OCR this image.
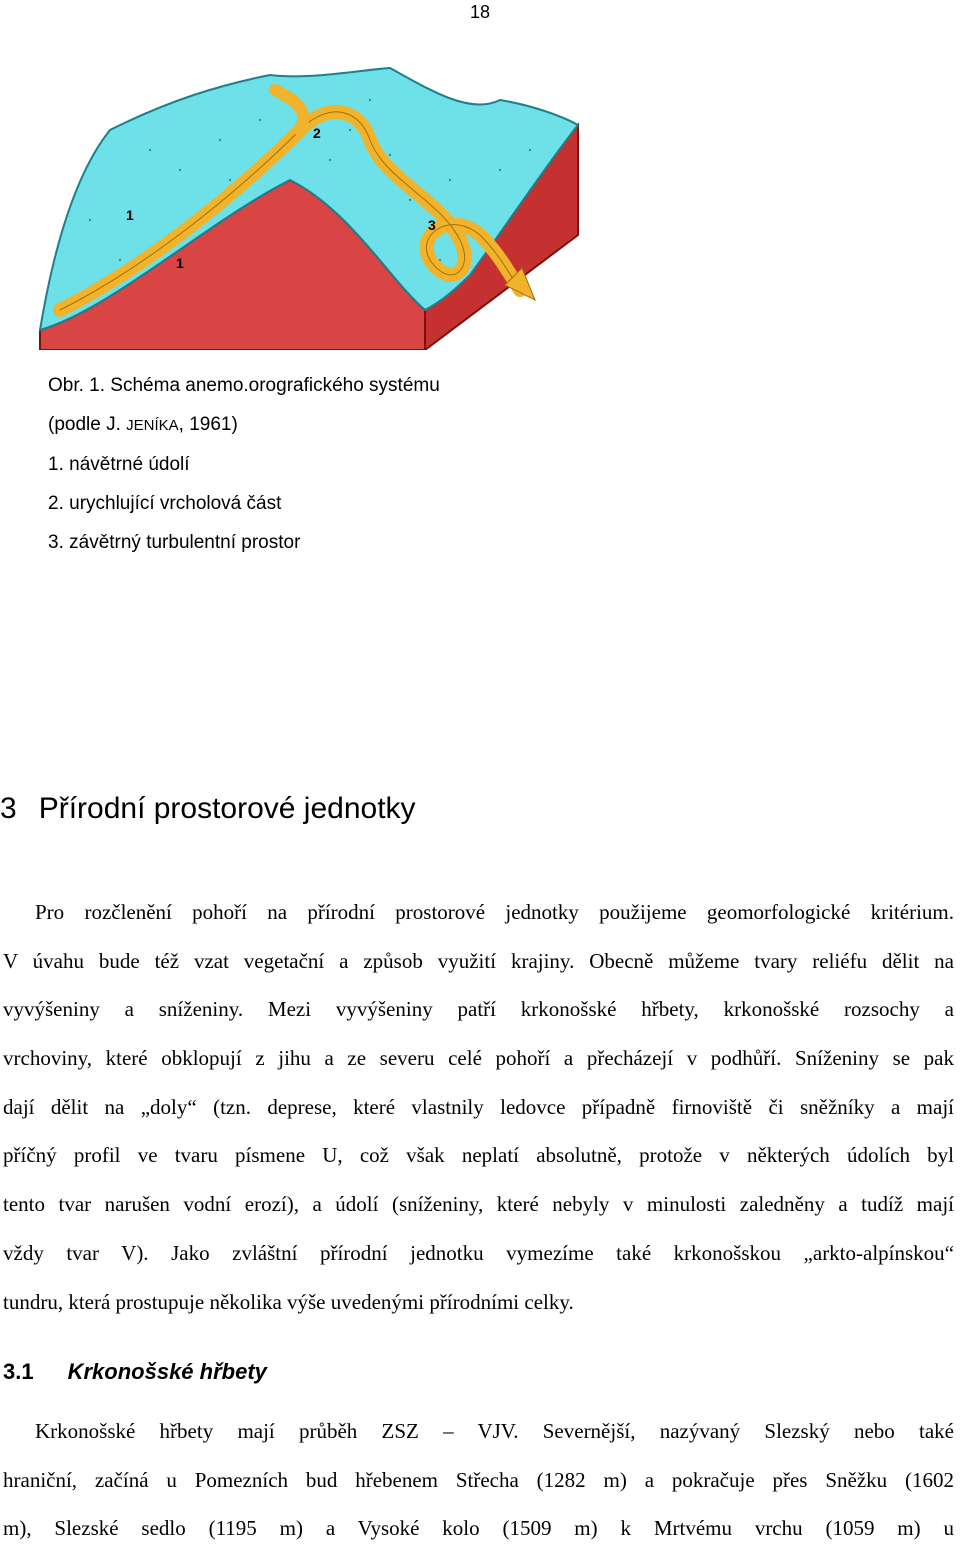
18
1
1
2
3
Obr. 1. Schéma anemo.orografického systému
(podle J. JENÍKA, 1961)
1. návětrné údolí
2. urychlující vrcholová část
3. závětrný turbulentní prostor
3 Přírodní prostorové jednotky
Pro rozčlenění pohoří na přírodní prostorové jednotky použijeme geomorfologické kritérium.
V úvahu bude též vzat vegetační a způsob využití krajiny. Obecně můžeme tvary reliéfu dělit na
vyvýšeniny a sníženiny. Mezi vyvýšeniny patří krkonošské hřbety, krkonošské rozsochy a
vrchoviny, které obklopují z jihu a ze severu celé pohoří a přecházejí v podhůří. Sníženiny se pak
dají dělit na „doly“ (tzn. deprese, které vlastnily ledovce případně firnoviště či sněžníky a mají
příčný profil ve tvaru písmene U, což však neplatí absolutně, protože v některých údolích byl
tento tvar narušen vodní erozí), a údolí (sníženiny, které nebyly v minulosti zaledněny a tudíž mají
vždy tvar V). Jako zvláštní přírodní jednotku vymezíme také krkonošskou „arkto-alpínskou“
tundru, která prostupuje několika výše uvedenými přírodními celky.
3.1 Krkonošské hřbety
Krkonošské hřbety mají průběh ZSZ – VJV. Severnější, nazývaný Slezský nebo také
hraniční, začíná u Pomezních bud hřebenem Střecha (1282 m) a pokračuje přes Sněžku (1602
m), Slezské sedlo (1195 m) a Vysoké kolo (1509 m) k Mrtvému vrchu (1059 m) u
